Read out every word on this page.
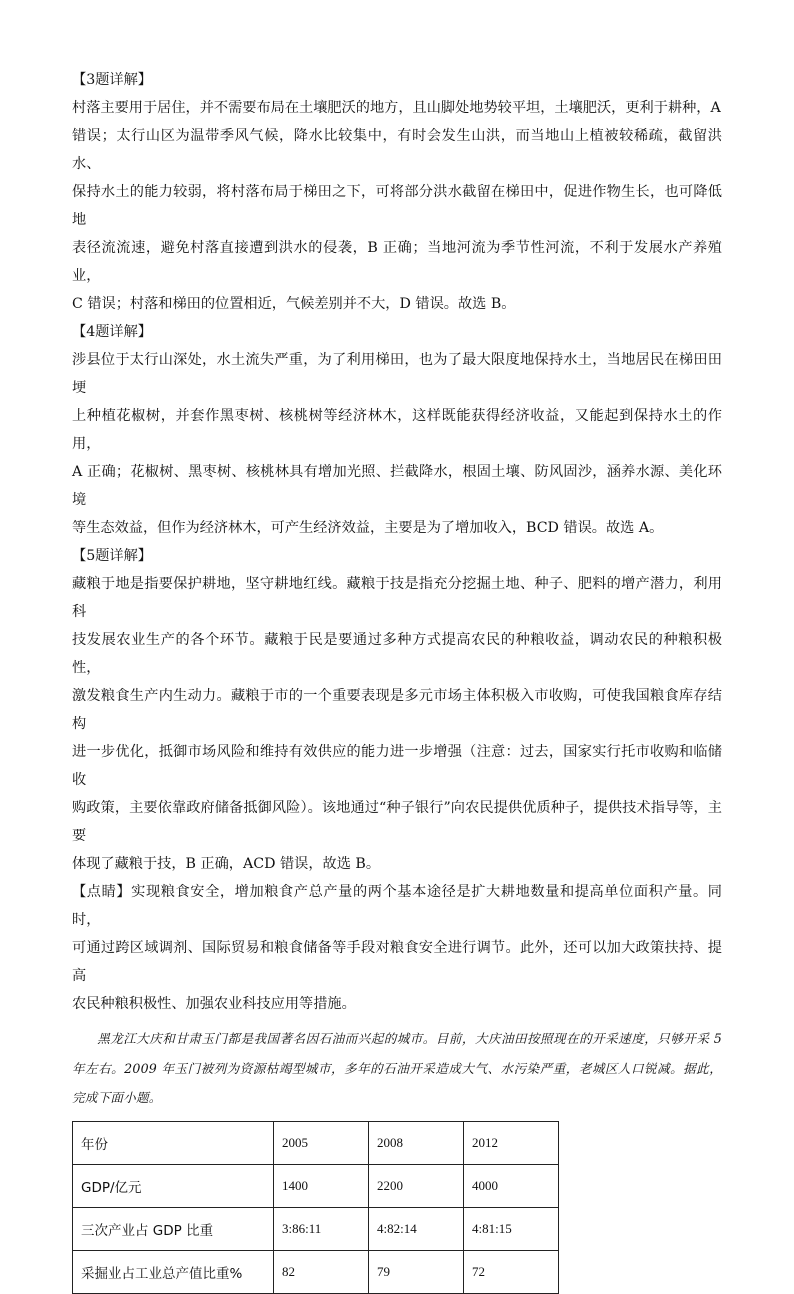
【3题详解】

村落主要用于居住，并不需要布局在土壤肥沃的地方，且山脚处地势较平坦，土壤肥沃，更利于耕种，A

错误；太行山区为温带季风气候，降水比较集中，有时会发生山洪，而当地山上植被较稀疏，截留洪水、

保持水土的能力较弱，将村落布局于梯田之下，可将部分洪水截留在梯田中，促进作物生长，也可降低地

表径流流速，避免村落直接遭到洪水的侵袭，B 正确；当地河流为季节性河流，不利于发展水产养殖业，

C 错误；村落和梯田的位置相近，气候差别并不大，D 错误。故选 B。

【4题详解】

涉县位于太行山深处，水土流失严重，为了利用梯田，也为了最大限度地保持水土，当地居民在梯田田埂

上种植花椒树，并套作黑枣树、核桃树等经济林木，这样既能获得经济收益，又能起到保持水土的作用，

A 正确；花椒树、黑枣树、核桃林具有增加光照、拦截降水，根固土壤、防风固沙，涵养水源、美化环境

等生态效益，但作为经济林木，可产生经济效益，主要是为了增加收入，BCD 错误。故选 A。

【5题详解】

藏粮于地是指要保护耕地，坚守耕地红线。藏粮于技是指充分挖掘土地、种子、肥料的增产潜力，利用科

技发展农业生产的各个环节。藏粮于民是要通过多种方式提高农民的种粮收益，调动农民的种粮积极性，

激发粮食生产内生动力。藏粮于市的一个重要表现是多元市场主体积极入市收购，可使我国粮食库存结构

进一步优化，抵御市场风险和维持有效供应的能力进一步增强（注意：过去，国家实行托市收购和临储收

购政策，主要依靠政府储备抵御风险）。该地通过“种子银行”向农民提供优质种子，提供技术指导等，主要

体现了藏粮于技，B 正确，ACD 错误，故选 B。

【点睛】实现粮食安全，增加粮食产总产量的两个基本途径是扩大耕地数量和提高单位面积产量。同时，

可通过跨区域调剂、国际贸易和粮食储备等手段对粮食安全进行调节。此外，还可以加大政策扶持、提高

农民种粮积极性、加强农业科技应用等措施。

黑龙江大庆和甘肃玉门都是我国著名因石油而兴起的城市。目前，大庆油田按照现在的开采速度，只够开采 5 年左右。2009 年玉门被列为资源枯竭型城市，多年的石油开采造成大气、水污染严重，老城区人口锐减。据此，完成下面小题。

年份	2005	2008	2012
GDP/亿元	1400	2200	4000
三次产业占 GDP 比重	3:86:11	4:82:14	4:81:15
采掘业占工业总产值比重%	82	79	72
